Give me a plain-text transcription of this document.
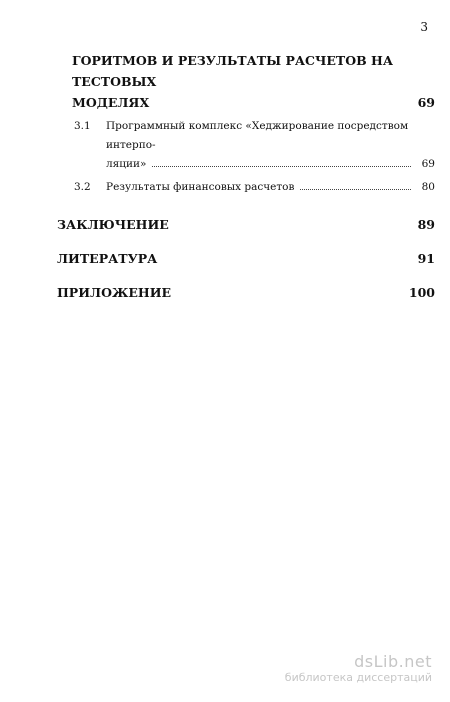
3
ГОРИТМОВ И РЕЗУЛЬТАТЫ РАСЧЕТОВ НА ТЕСТОВЫХ
МОДЕЛЯХ	69
3.1	Программный комплекс «Хеджирование посредством интерпо-
ляции»	69
3.2	Результаты финансовых расчетов	80
ЗАКЛЮЧЕНИЕ	89
ЛИТЕРАТУРА	91
ПРИЛОЖЕНИЕ	100
dsLib.net
библиотека диссертаций
